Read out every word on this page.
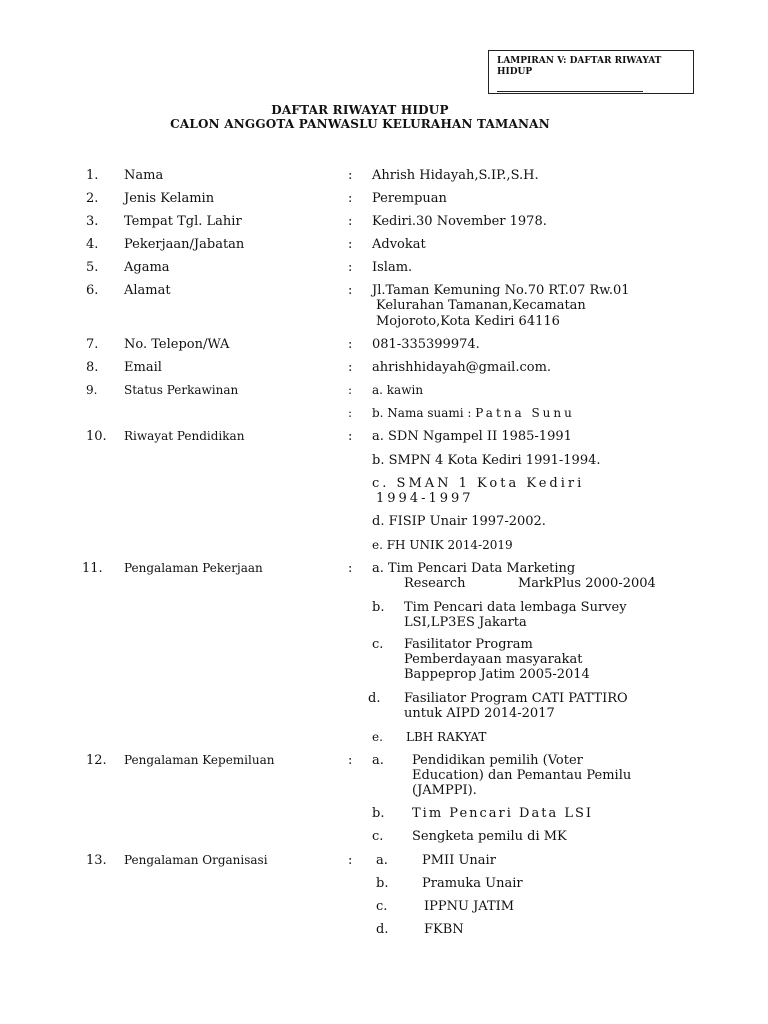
LAMPIRAN V: DAFTAR RIWAYAT
HIDUP
DAFTAR RIWAYAT HIDUP
CALON ANGGOTA PANWASLU KELURAHAN TAMANAN
1. Nama	: Ahrish Hidayah,S.IP.,S.H.
2. Jenis Kelamin	: Perempuan
3. Tempat Tgl. Lahir	: Kediri.30 November 1978.
4. Pekerjaan/Jabatan	: Advokat
5. Agama	: Islam.
6. Alamat	: Jl.Taman Kemuning No.70 RT.07 Rw.01
Kelurahan Tamanan,Kecamatan
Mojoroto,Kota Kediri 64116
7. No. Telepon/WA	: 081-335399974.
8. Email	: ahrishhidayah@gmail.com.
9. Status Perkawinan	: a. kawin
: b. Nama suami : Patna Sunu
10. Riwayat Pendidikan	: a. SDN Ngampel II 1985-1991
b. SMPN 4 Kota Kediri 1991-1994.
c. SMAN 1 Kota Kediri
1994-1997
d. FISIP Unair 1997-2002.
e. FH UNIK 2014-2019
11. Pengalaman Pekerjaan	: a. Tim Pencari Data Marketing
Research	MarkPlus 2000-2004
b. Tim Pencari data lembaga Survey
LSI,LP3ES Jakarta
c. Fasilitator Program
Pemberdayaan masyarakat
Bappeprop Jatim 2005-2014
d. Fasiliator Program CATI PATTIRO
untuk AIPD 2014-2017
e. LBH RAKYAT
12. Pengalaman Kepemiluan	: a. Pendidikan pemilih (Voter
Education) dan Pemantau Pemilu
(JAMPPI).
b. Tim Pencari Data LSI
c. Sengketa pemilu di MK
13. Pengalaman Organisasi	: a.	PMII Unair
b.	Pramuka Unair
c.	IPPNU JATIM
d.	FKBN
